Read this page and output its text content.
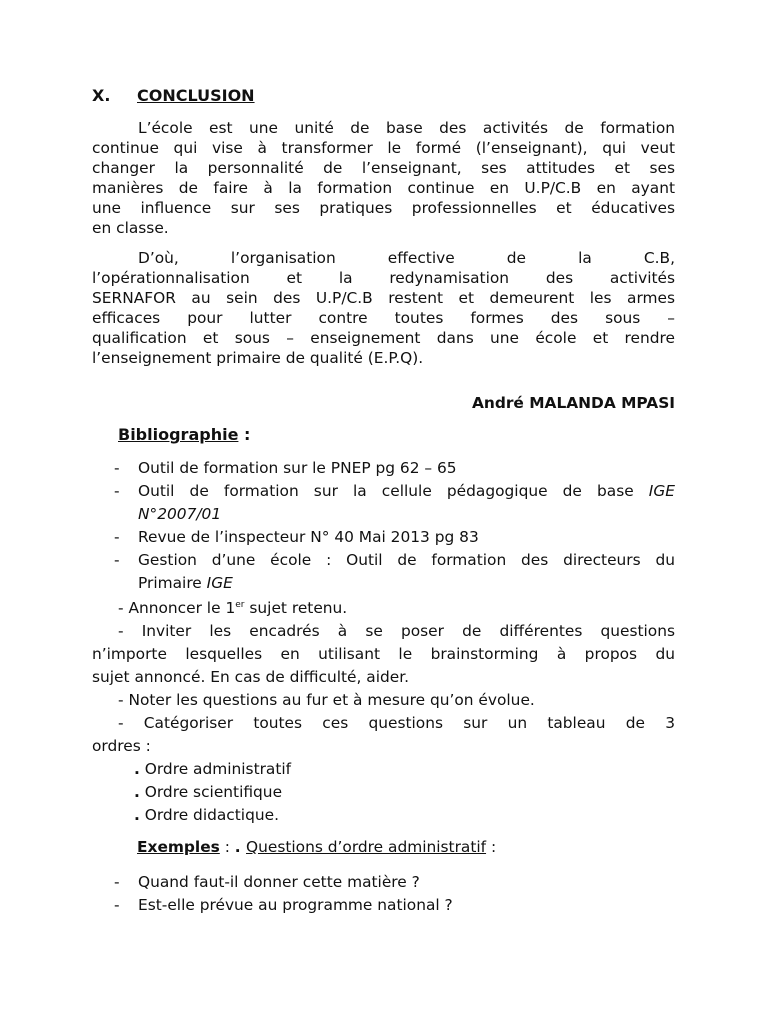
X. CONCLUSION
L’école est une unité de base des activités de formation
continue qui vise à transformer le formé (l’enseignant), qui veut
changer la personnalité de l’enseignant, ses attitudes et ses
manières de faire à la formation continue en U.P/C.B en ayant
une influence sur ses pratiques professionnelles et éducatives
en classe.
D’où, l’organisation effective de la C.B,
l’opérationnalisation et la redynamisation des activités
SERNAFOR au sein des U.P/C.B restent et demeurent les armes
efficaces pour lutter contre toutes formes des sous –
qualification et sous – enseignement dans une école et rendre
l’enseignement primaire de qualité (E.P.Q).
André MALANDA MPASI
Bibliographie :
- Outil de formation sur le PNEP pg 62 – 65
- Outil de formation sur la cellule pédagogique de base IGE
N°2007/01
- Revue de l’inspecteur N° 40 Mai 2013 pg 83
- Gestion d’une école : Outil de formation des directeurs du
Primaire IGE
- Annoncer le 1er sujet retenu.
- Inviter les encadrés à se poser de différentes questions
n’importe lesquelles en utilisant le brainstorming à propos du
sujet annoncé. En cas de difficulté, aider.
- Noter les questions au fur et à mesure qu’on évolue.
- Catégoriser toutes ces questions sur un tableau de 3
ordres :
. Ordre administratif
. Ordre scientifique
. Ordre didactique.
Exemples : . Questions d’ordre administratif :
- Quand faut-il donner cette matière ?
- Est-elle prévue au programme national ?
